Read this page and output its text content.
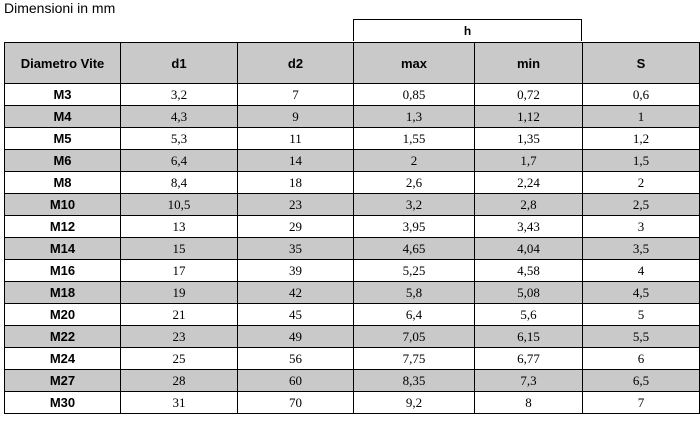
Dimensioni in mm
h
Diametro Vite	d1	d2	max	min	S
M3	3,2	7	0,85	0,72	0,6
M4	4,3	9	1,3	1,12	1
M5	5,3	11	1,55	1,35	1,2
M6	6,4	14	2	1,7	1,5
M8	8,4	18	2,6	2,24	2
M10	10,5	23	3,2	2,8	2,5
M12	13	29	3,95	3,43	3
M14	15	35	4,65	4,04	3,5
M16	17	39	5,25	4,58	4
M18	19	42	5,8	5,08	4,5
M20	21	45	6,4	5,6	5
M22	23	49	7,05	6,15	5,5
M24	25	56	7,75	6,77	6
M27	28	60	8,35	7,3	6,5
M30	31	70	9,2	8	7
